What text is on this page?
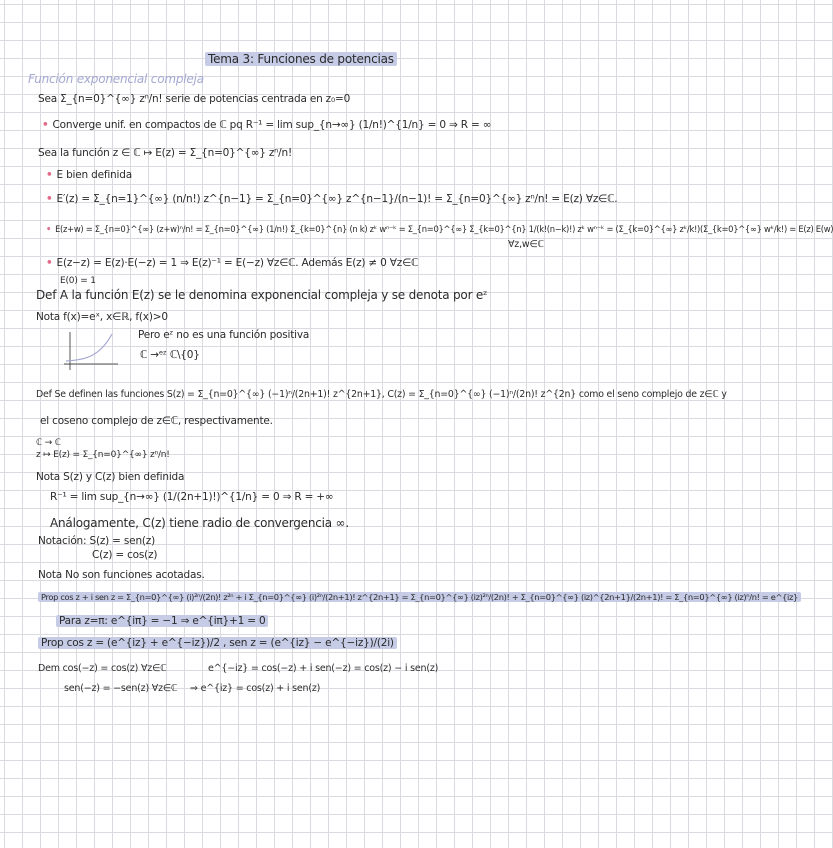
Tema 3: Funciones de potencias
Función exponencial compleja
Sea Σ_{n=0}^{∞} zⁿ/n! serie de potencias centrada en z₀=0
• Converge unif. en compactos de ℂ pq R⁻¹ = lim sup_{n→∞} (1/n!)^{1/n} = 0 ⇒ R = ∞
Sea la función z ∈ ℂ ↦ E(z) = Σ_{n=0}^{∞} zⁿ/n!
• E bien definida
• E′(z) = Σ_{n=1}^{∞} (n/n!) z^{n−1} = Σ_{n=0}^{∞} z^{n−1}/(n−1)! = Σ_{n=0}^{∞} zⁿ/n! = E(z) ∀z∈ℂ.
• E(z+w) = Σ_{n=0}^{∞} (z+w)ⁿ/n! = Σ_{n=0}^{∞} (1/n!) Σ_{k=0}^{n} (n k) zᵏ wⁿ⁻ᵏ = Σ_{n=0}^{∞} Σ_{k=0}^{n} 1/(k!(n−k)!) zᵏ wⁿ⁻ᵏ = (Σ_{k=0}^{∞} zᵏ/k!)(Σ_{k=0}^{∞} wᵏ/k!) = E(z) E(w)
∀z,w∈ℂ
• E(z−z) = E(z)·E(−z) = 1 ⇒ E(z)⁻¹ = E(−z) ∀z∈ℂ. Además E(z) ≠ 0 ∀z∈ℂ
E(0) = 1
Def A la función E(z) se le denomina exponencial compleja y se denota por eᶻ
Nota f(x)=eˣ, x∈ℝ, f(x)>0
Pero eᶻ no es una función positiva
ℂ →ᵉᶻ ℂ\{0}
Def Se definen las funciones S(z) = Σ_{n=0}^{∞} (−1)ⁿ/(2n+1)! z^{2n+1}, C(z) = Σ_{n=0}^{∞} (−1)ⁿ/(2n)! z^{2n} como el seno complejo de z∈ℂ y
el coseno complejo de z∈ℂ, respectivamente.
ℂ → ℂ
z ↦ E(z) = Σ_{n=0}^{∞} zⁿ/n!
Nota S(z) y C(z) bien definida
R⁻¹ = lim sup_{n→∞} (1/(2n+1)!)^{1/n} = 0 ⇒ R = +∞
Análogamente, C(z) tiene radio de convergencia ∞.
Notación: S(z) = sen(z)
C(z) = cos(z)
Nota No son funciones acotadas.
Prop cos z + i sen z = Σ_{n=0}^{∞} (i)²ⁿ/(2n)! z²ⁿ + i Σ_{n=0}^{∞} (i)²ⁿ/(2n+1)! z^{2n+1} = Σ_{n=0}^{∞} (iz)²ⁿ/(2n)! + Σ_{n=0}^{∞} (iz)^{2n+1}/(2n+1)! = Σ_{n=0}^{∞} (iz)ⁿ/n! = e^{iz}
Para z=π: e^{iπ} = −1 ⇒ e^{iπ}+1 = 0
Prop cos z = (e^{iz} + e^{−iz})/2 , sen z = (e^{iz} − e^{−iz})/(2i)
Dem cos(−z) = cos(z) ∀z∈ℂ	e^{−iz} = cos(−z) + i sen(−z) = cos(z) − i sen(z)
sen(−z) = −sen(z) ∀z∈ℂ ⇒ e^{iz} = cos(z) + i sen(z)
